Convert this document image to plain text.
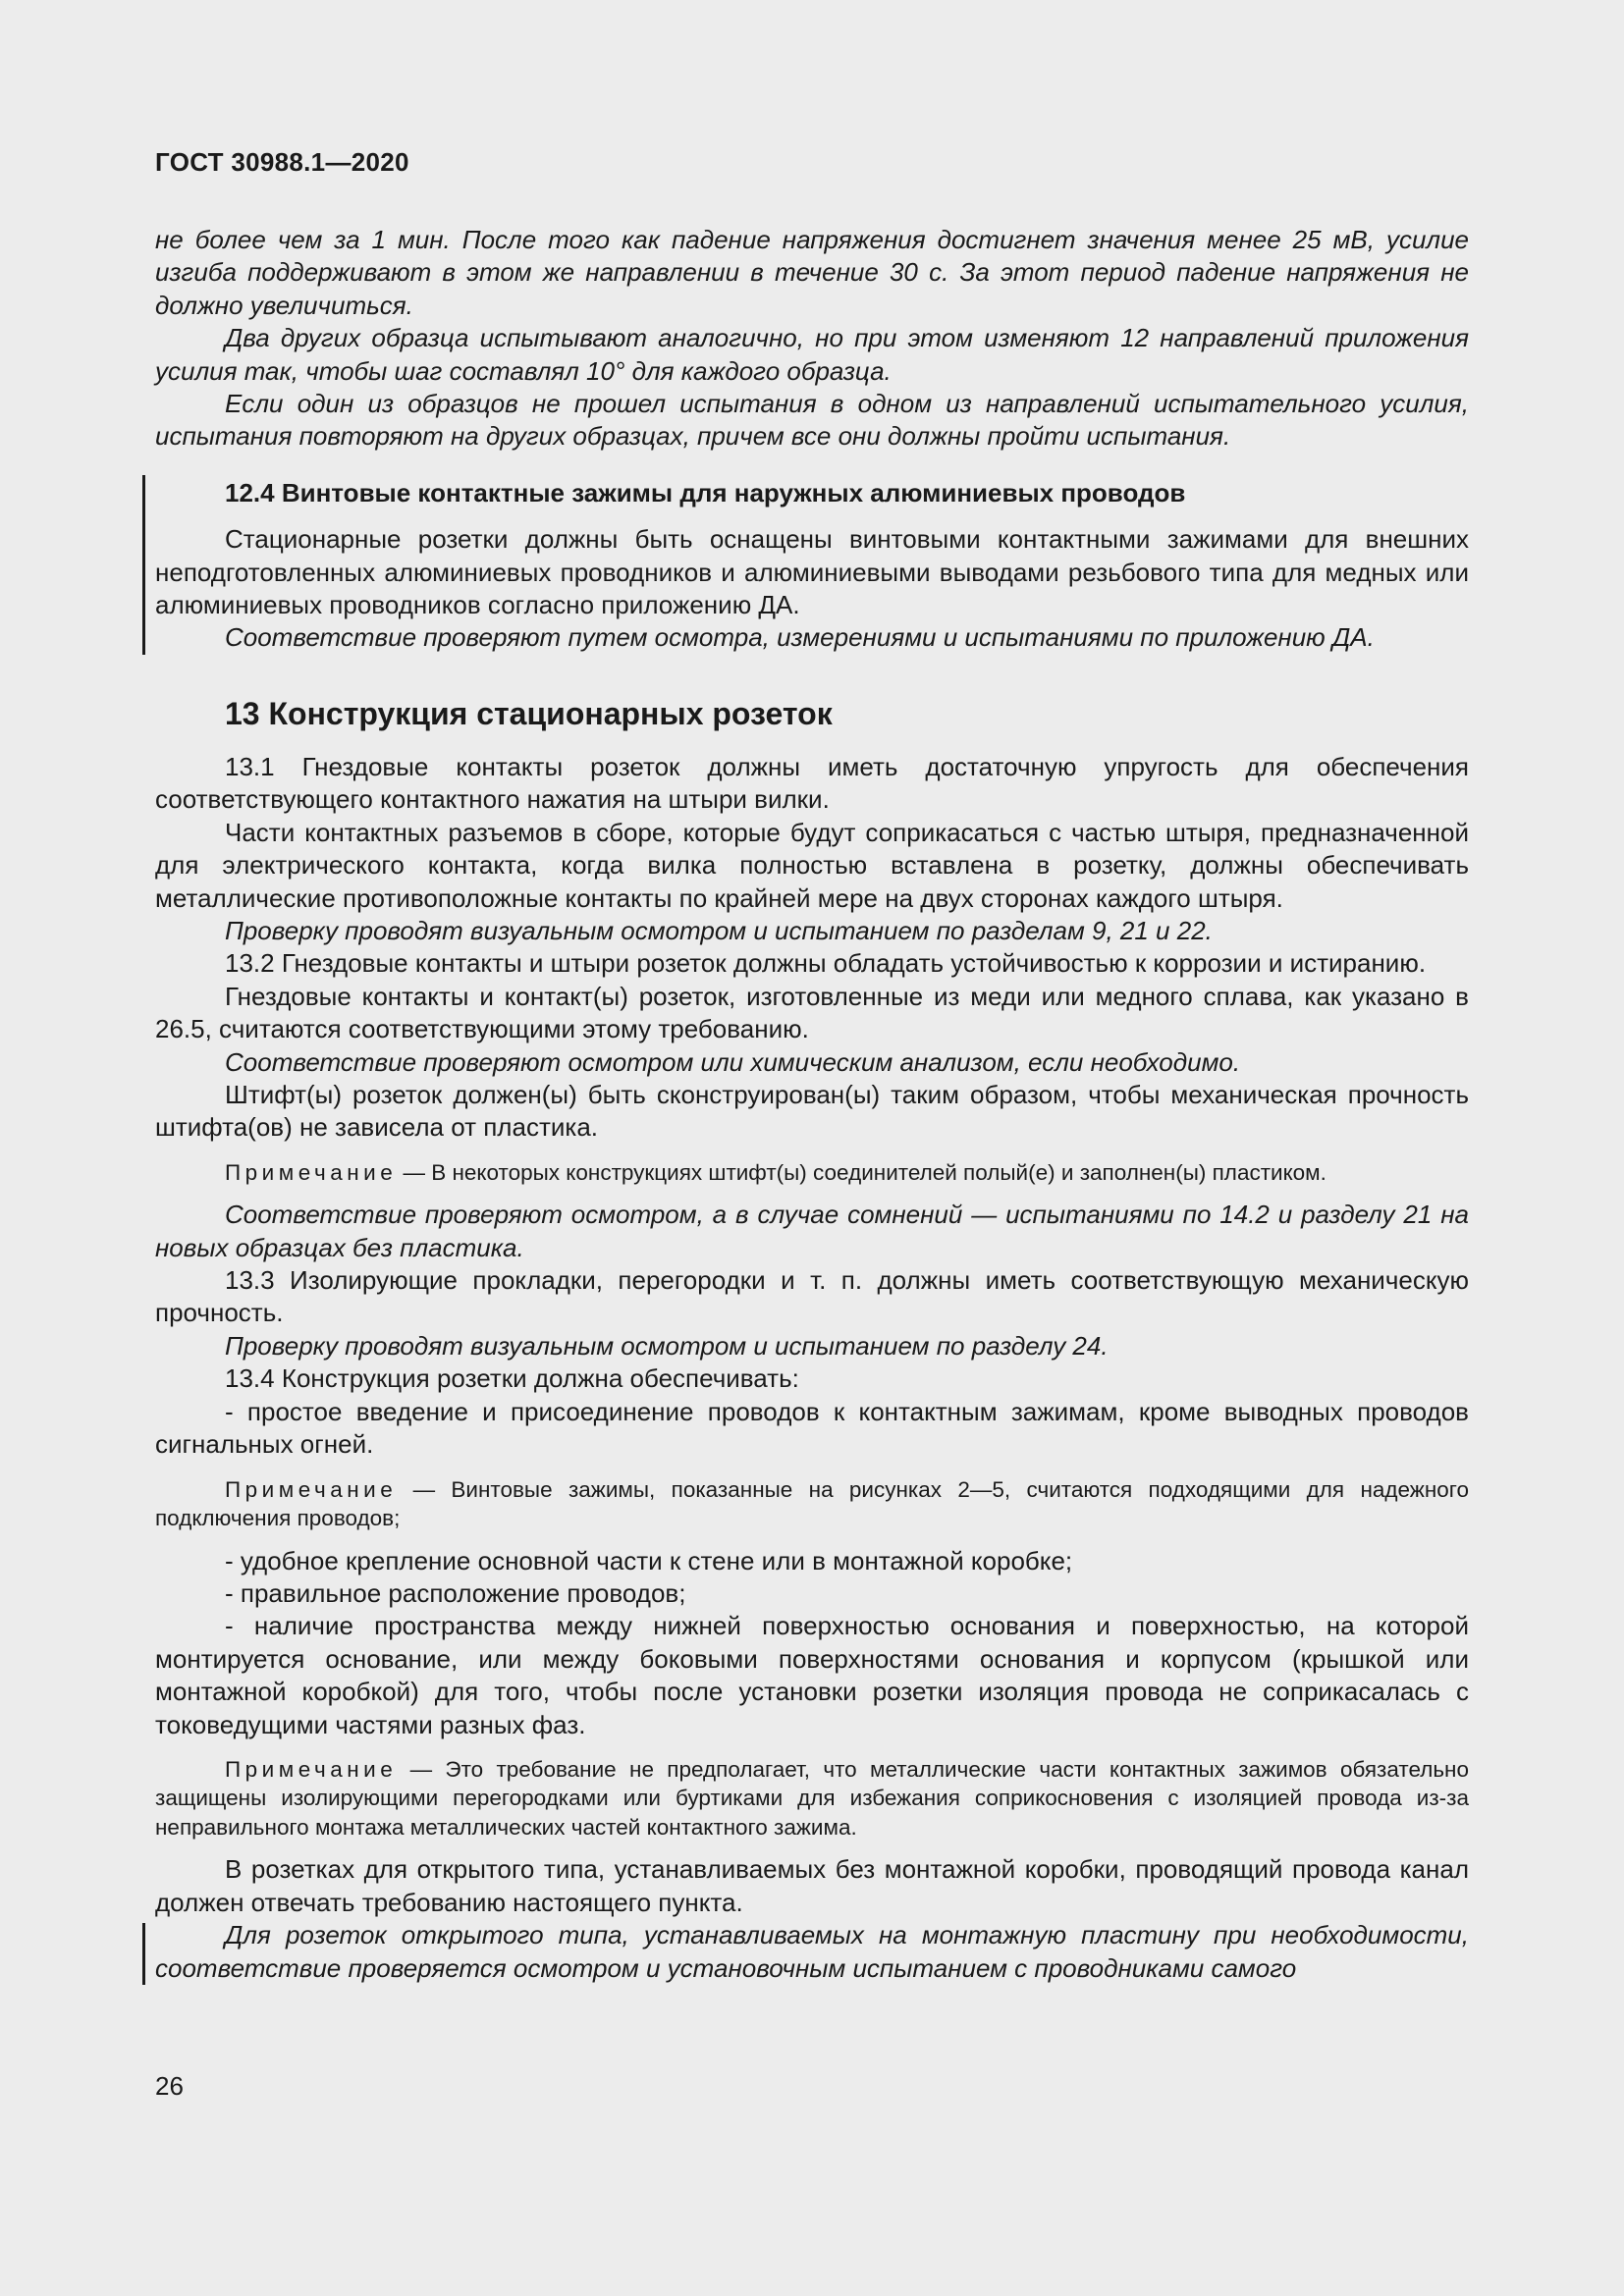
ГОСТ 30988.1—2020

не более чем за 1 мин. После того как падение напряжения достигнет значения менее 25 мВ, усилие изгиба поддерживают в этом же направлении в течение 30 с. За этот период падение напряжения не должно увеличиться.

Два других образца испытывают аналогично, но при этом изменяют 12 направлений приложения усилия так, чтобы шаг составлял 10° для каждого образца.

Если один из образцов не прошел испытания в одном из направлений испытательного усилия, испытания повторяют на других образцах, причем все они должны пройти испытания.

12.4 Винтовые контактные зажимы для наружных алюминиевых проводов

Стационарные розетки должны быть оснащены винтовыми контактными зажимами для внешних неподготовленных алюминиевых проводников и алюминиевыми выводами резьбового типа для медных или алюминиевых проводников согласно приложению ДА.

Соответствие проверяют путем осмотра, измерениями и испытаниями по приложению ДА.

13 Конструкция стационарных розеток

13.1 Гнездовые контакты розеток должны иметь достаточную упругость для обеспечения соответствующего контактного нажатия на штыри вилки.

Части контактных разъемов в сборе, которые будут соприкасаться с частью штыря, предназначенной для электрического контакта, когда вилка полностью вставлена в розетку, должны обеспечивать металлические противоположные контакты по крайней мере на двух сторонах каждого штыря.

Проверку проводят визуальным осмотром и испытанием по разделам 9, 21 и 22.

13.2 Гнездовые контакты и штыри розеток должны обладать устойчивостью к коррозии и истиранию.

Гнездовые контакты и контакт(ы) розеток, изготовленные из меди или медного сплава, как указано в 26.5, считаются соответствующими этому требованию.

Соответствие проверяют осмотром или химическим анализом, если необходимо.

Штифт(ы) розеток должен(ы) быть сконструирован(ы) таким образом, чтобы механическая прочность штифта(ов) не зависела от пластика.

Примечание — В некоторых конструкциях штифт(ы) соединителей полый(е) и заполнен(ы) пластиком.

Соответствие проверяют осмотром, а в случае сомнений — испытаниями по 14.2 и разделу 21 на новых образцах без пластика.

13.3 Изолирующие прокладки, перегородки и т. п. должны иметь соответствующую механическую прочность.

Проверку проводят визуальным осмотром и испытанием по разделу 24.

13.4 Конструкция розетки должна обеспечивать:

- простое введение и присоединение проводов к контактным зажимам, кроме выводных проводов сигнальных огней.

Примечание — Винтовые зажимы, показанные на рисунках 2—5, считаются подходящими для надежного подключения проводов;

- удобное крепление основной части к стене или в монтажной коробке;

- правильное расположение проводов;

- наличие пространства между нижней поверхностью основания и поверхностью, на которой монтируется основание, или между боковыми поверхностями основания и корпусом (крышкой или монтажной коробкой) для того, чтобы после установки розетки изоляция провода не соприкасалась с токоведущими частями разных фаз.

Примечание — Это требование не предполагает, что металлические части контактных зажимов обязательно защищены изолирующими перегородками или буртиками для избежания соприкосновения с изоляцией провода из-за неправильного монтажа металлических частей контактного зажима.

В розетках для открытого типа, устанавливаемых без монтажной коробки, проводящий провода канал должен отвечать требованию настоящего пункта.

Для розеток открытого типа, устанавливаемых на монтажную пластину при необходимости, соответствие проверяется осмотром и установочным испытанием с проводниками самого

26
